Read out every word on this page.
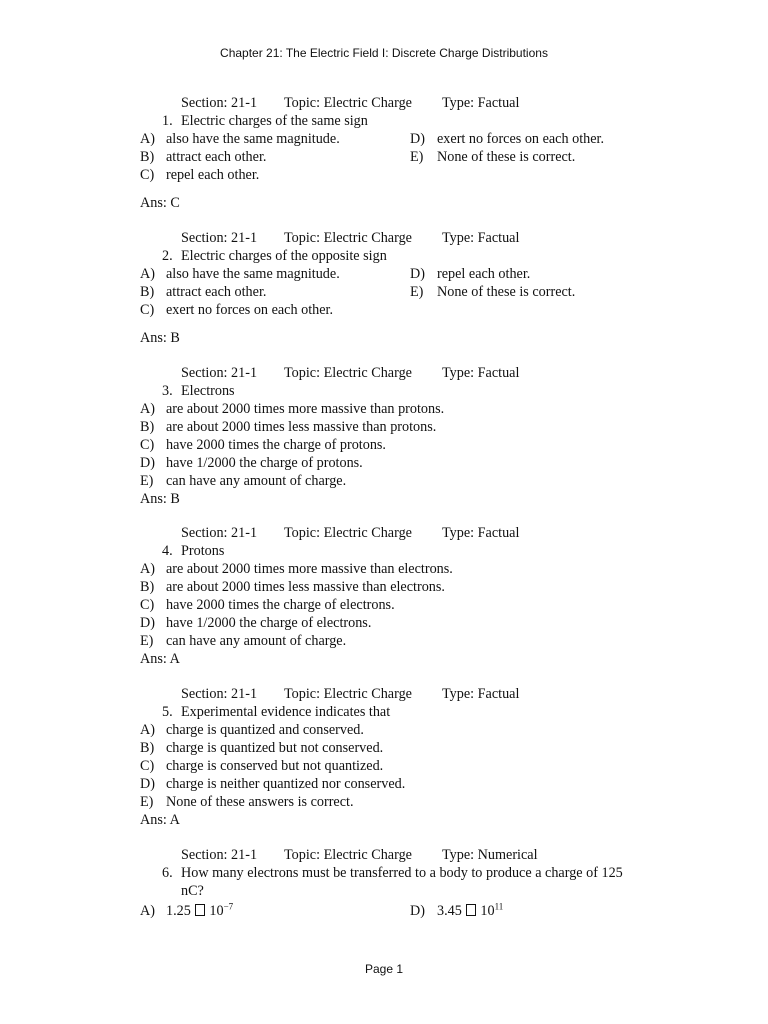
Chapter 21: The Electric Field I: Discrete Charge Distributions
Section: 21-1 Topic: Electric Charge Type: Factual
1. Electric charges of the same sign
A) also have the same magnitude.
B) attract each other.
C) repel each other.
D) exert no forces on each other.
E) None of these is correct.
Ans: C
Section: 21-1 Topic: Electric Charge Type: Factual
2. Electric charges of the opposite sign
A) also have the same magnitude.
B) attract each other.
C) exert no forces on each other.
D) repel each other.
E) None of these is correct.
Ans: B
Section: 21-1 Topic: Electric Charge Type: Factual
3. Electrons
A) are about 2000 times more massive than protons.
B) are about 2000 times less massive than protons.
C) have 2000 times the charge of protons.
D) have 1/2000 the charge of protons.
E) can have any amount of charge.
Ans: B
Section: 21-1 Topic: Electric Charge Type: Factual
4. Protons
A) are about 2000 times more massive than electrons.
B) are about 2000 times less massive than electrons.
C) have 2000 times the charge of electrons.
D) have 1/2000 the charge of electrons.
E) can have any amount of charge.
Ans: A
Section: 21-1 Topic: Electric Charge Type: Factual
5. Experimental evidence indicates that
A) charge is quantized and conserved.
B) charge is quantized but not conserved.
C) charge is conserved but not quantized.
D) charge is neither quantized nor conserved.
E) None of these answers is correct.
Ans: A
Section: 21-1 Topic: Electric Charge Type: Numerical
6. How many electrons must be transferred to a body to produce a charge of 125
nC?
A) 1.25 $10^{-7}$	D) 3.45 $10^{11}$
Page 1
